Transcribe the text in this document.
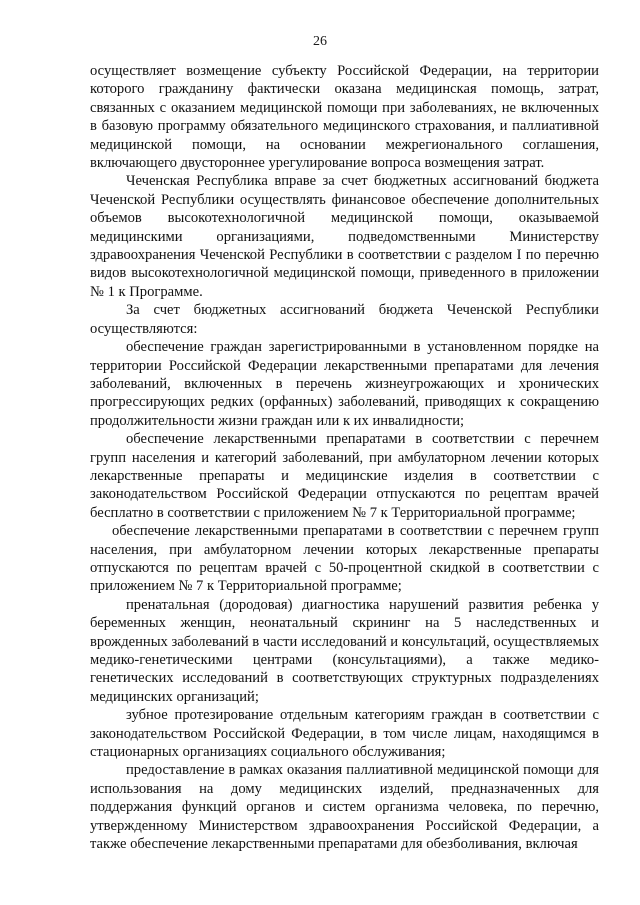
26

осуществляет возмещение субъекту Российской Федерации, на территории которого гражданину фактически оказана медицинская помощь, затрат, связанных с оказанием медицинской помощи при заболеваниях, не включенных в базовую программу обязательного медицинского страхования, и паллиативной медицинской помощи, на основании межрегионального соглашения, включающего двустороннее урегулирование вопроса возмещения затрат.

Чеченская Республика вправе за счет бюджетных ассигнований бюджета Чеченской Республики осуществлять финансовое обеспечение дополнительных объемов высокотехнологичной медицинской помощи, оказываемой медицинскими организациями, подведомственными Министерству здравоохранения Чеченской Республики в соответствии с разделом I по перечню видов высокотехнологичной медицинской помощи, приведенного в приложении № 1 к Программе.

За счет бюджетных ассигнований бюджета Чеченской Республики осуществляются:

обеспечение граждан зарегистрированными в установленном порядке на территории Российской Федерации лекарственными препаратами для лечения заболеваний, включенных в перечень жизнеугрожающих и хронических прогрессирующих редких (орфанных) заболеваний, приводящих к сокращению продолжительности жизни граждан или к их инвалидности;

обеспечение лекарственными препаратами в соответствии с перечнем групп населения и категорий заболеваний, при амбулаторном лечении которых лекарственные препараты и медицинские изделия в соответствии с законодательством Российской Федерации отпускаются по рецептам врачей бесплатно в соответствии с приложением № 7 к Территориальной программе;

обеспечение лекарственными препаратами в соответствии с перечнем групп населения, при амбулаторном лечении которых лекарственные препараты отпускаются по рецептам врачей с 50-процентной скидкой в соответствии с приложением № 7 к Территориальной программе;

пренатальная (дородовая) диагностика нарушений развития ребенка у беременных женщин, неонатальный скрининг на 5 наследственных и врожденных заболеваний в части исследований и консультаций, осуществляемых медико-генетическими центрами (консультациями), а также медико-генетических исследований в соответствующих структурных подразделениях медицинских организаций;

зубное протезирование отдельным категориям граждан в соответствии с законодательством Российской Федерации, в том числе лицам, находящимся в стационарных организациях социального обслуживания;

предоставление в рамках оказания паллиативной медицинской помощи для использования на дому медицинских изделий, предназначенных для поддержания функций органов и систем организма человека, по перечню, утвержденному Министерством здравоохранения Российской Федерации, а также обеспечение лекарственными препаратами для обезболивания, включая
